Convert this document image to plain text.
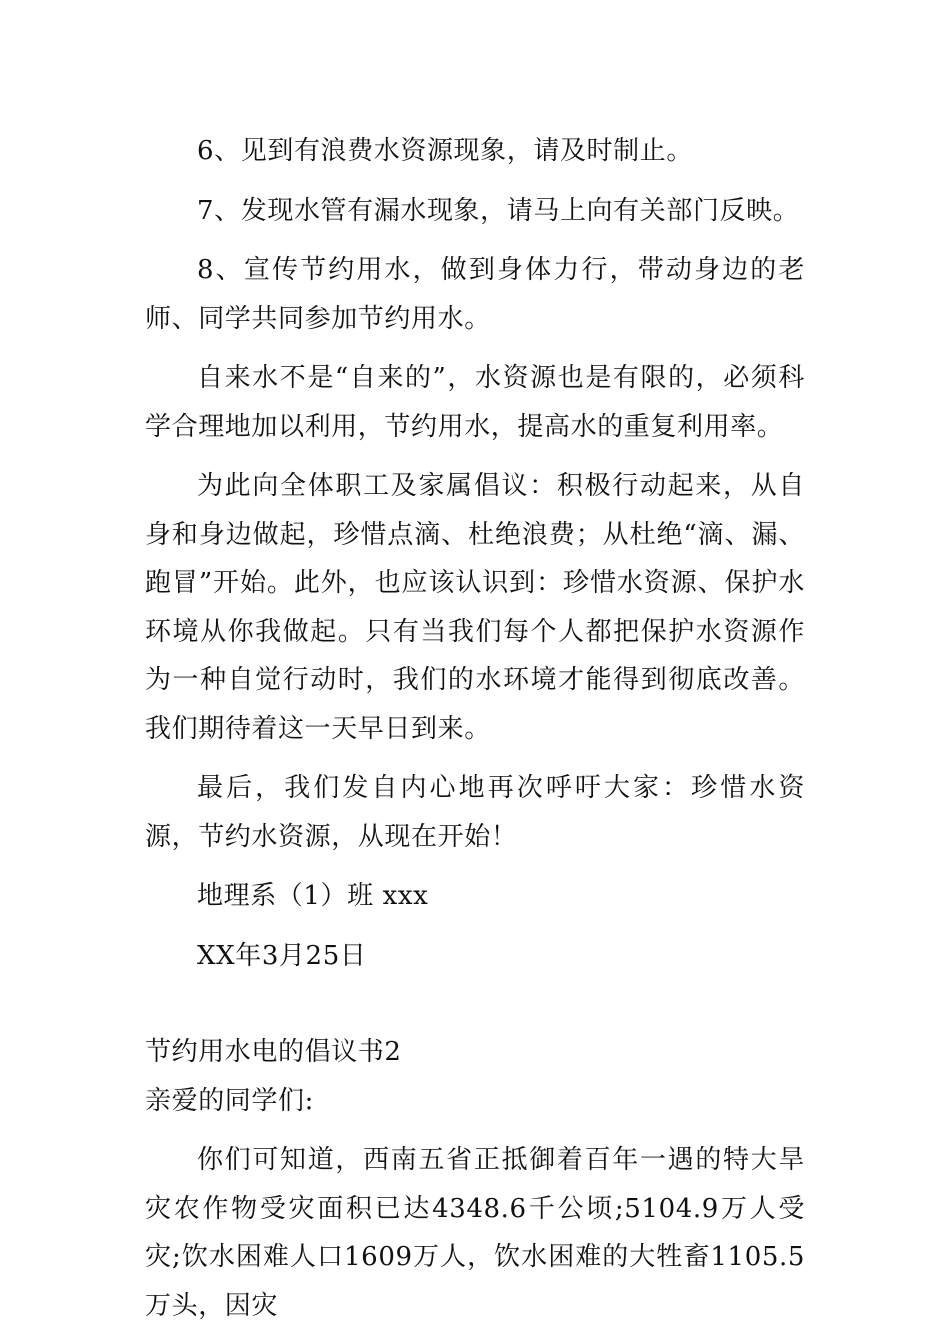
6、见到有浪费水资源现象，请及时制止。

7、发现水管有漏水现象，请马上向有关部门反映。

8、宣传节约用水，做到身体力行，带动身边的老师、同学共同参加节约用水。

自来水不是“自来的”，水资源也是有限的，必须科学合理地加以利用，节约用水，提高水的重复利用率。

为此向全体职工及家属倡议：积极行动起来，从自身和身边做起，珍惜点滴、杜绝浪费；从杜绝“滴、漏、跑冒”开始。此外，也应该认识到：珍惜水资源、保护水环境从你我做起。只有当我们每个人都把保护水资源作为一种自觉行动时，我们的水环境才能得到彻底改善。我们期待着这一天早日到来。

最后，我们发自内心地再次呼吁大家：珍惜水资源，节约水资源，从现在开始！

地理系（1）班 xxx

XX年3月25日

节约用水电的倡议书2

亲爱的同学们:

你们可知道，西南五省正抵御着百年一遇的特大旱灾农作物受灾面积已达4348.6千公顷;5104.9万人受灾;饮水困难人口1609万人，饮水困难的大牲畜1105.5万头，因灾
